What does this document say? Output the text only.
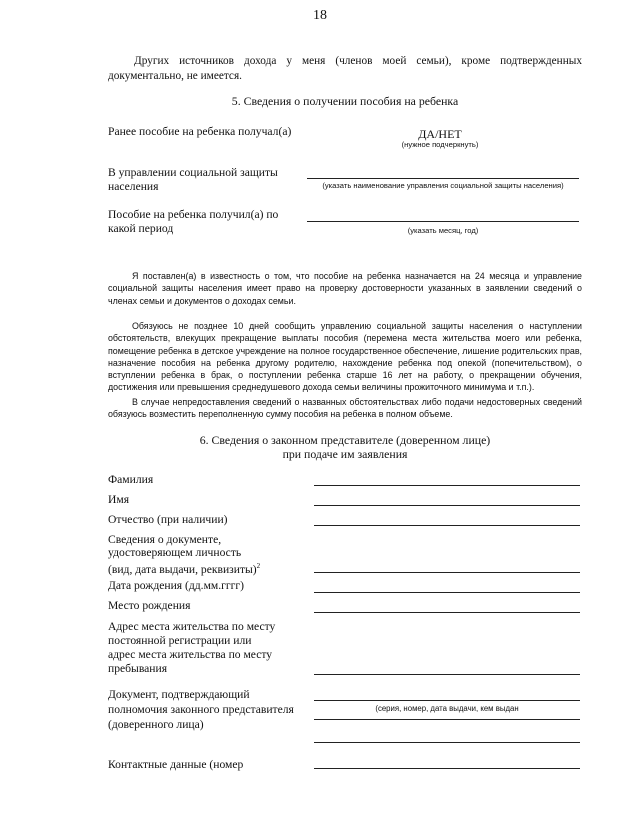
18
Других источников дохода у меня (членов моей семьи), кроме подтвержденных документально, не имеется.
5. Сведения о получении пособия на ребенка
Ранее пособие на ребенка получал(а)	ДА/НЕТ
(нужное подчеркнуть)
В управлении социальной защиты населения	(указать наименование управления социальной защиты населения)
Пособие на ребенка получил(а) по какой период	(указать месяц, год)
Я поставлен(а) в известность о том, что пособие на ребенка назначается на 24 месяца и управление социальной защиты населения имеет право на проверку достоверности указанных в заявлении сведений о членах семьи и документов о доходах семьи.
Обязуюсь не позднее 10 дней сообщить управлению социальной защиты населения о наступлении обстоятельств, влекущих прекращение выплаты пособия (перемена места жительства моего или ребенка, помещение ребенка в детское учреждение на полное государственное обеспечение, лишение родительских прав, назначение пособия на ребенка другому родителю, нахождение ребенка под опекой (попечительством), о вступлении ребенка в брак, о поступлении ребенка старше 16 лет на работу, о прекращении обучения, достижения или превышения среднедушевого дохода семьи величины прожиточного минимума и т.п.).
В случае непредоставления сведений о названных обстоятельствах либо подачи недостоверных сведений обязуюсь возместить переполненную сумму пособия на ребенка в полном объеме.
6. Сведения о законном представителе (доверенном лице)
при подаче им заявления
Фамилия
Имя
Отчество (при наличии)
Сведения о документе,
удостоверяющем личность
(вид, дата выдачи, реквизиты)$^2$
Дата рождения (дд.мм.гггг)
Место рождения
Адрес места жительства по месту
постоянной регистрации или
адрес места жительства по месту
пребывания
Документ, подтверждающий
полномочия законного представителя
(доверенного лица)
(серия, номер, дата выдачи, кем выдан
Контактные данные (номер
